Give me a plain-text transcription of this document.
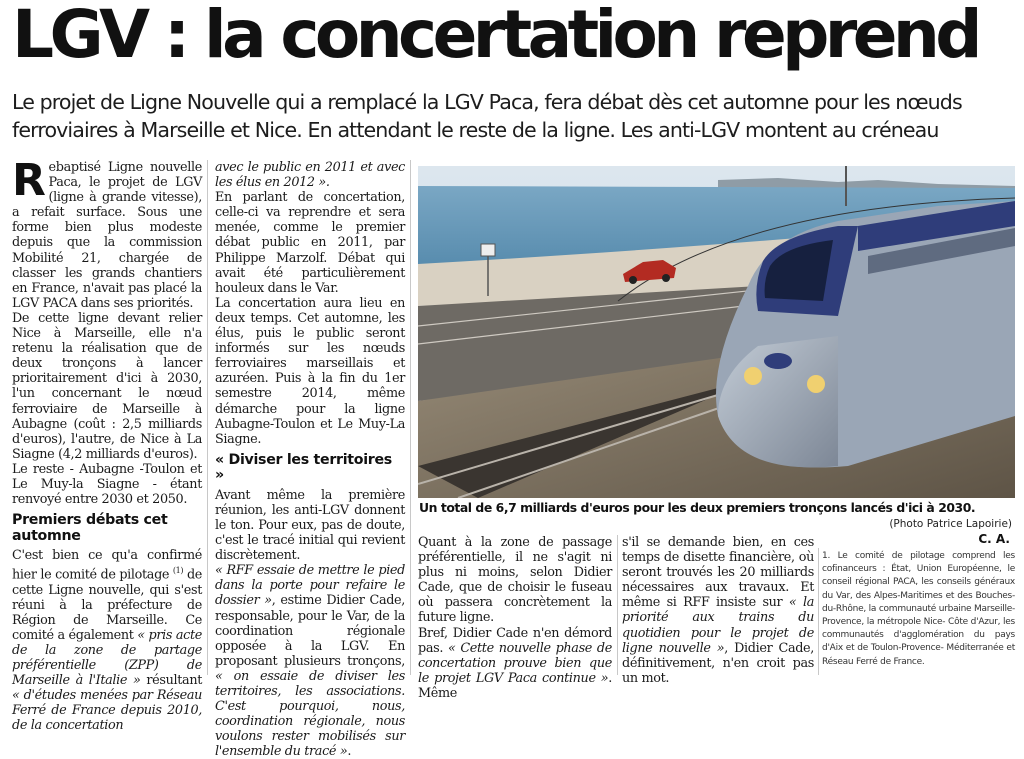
LGV : la concertation reprend

Le projet de Ligne Nouvelle qui a remplacé la LGV Paca, fera débat dès cet automne pour les nœuds ferroviaires à Marseille et Nice. En attendant le reste de la ligne. Les anti-LGV montent au créneau

Rebaptisé Ligne nouvelle Paca, le projet de LGV (ligne à grande vitesse), a refait surface. Sous une forme bien plus modeste depuis que la commission Mobilité 21, chargée de classer les grands chantiers en France, n'avait pas placé la LGV PACA dans ses priorités.

De cette ligne devant relier Nice à Marseille, elle n'a retenu la réalisation que de deux tronçons à lancer prioritairement d'ici à 2030, l'un concernant le nœud ferroviaire de Marseille à Aubagne (coût : 2,5 milliards d'euros), l'autre, de Nice à La Siagne (4,2 milliards d'euros).

Le reste - Aubagne -Toulon et Le Muy-la Siagne - étant renvoyé entre 2030 et 2050.

Premiers débats cet automne

C'est bien ce qu'a confirmé hier le comité de pilotage $^{(1)}$ de cette Ligne nouvelle, qui s'est réuni à la préfecture de Région de Marseille. Ce comité a également « pris acte de la zone de partage préférentielle (ZPP) de Marseille à l'Italie » résultant « d'études menées par Réseau Ferré de France depuis 2010, de la concertation

avec le public en 2011 et avec les élus en 2012 ».

En parlant de concertation, celle-ci va reprendre et sera menée, comme le premier débat public en 2011, par Philippe Marzolf. Débat qui avait été particulièrement houleux dans le Var.

La concertation aura lieu en deux temps. Cet automne, les élus, puis le public seront informés sur les nœuds ferroviaires marseillais et azuréen. Puis à la fin du 1er semestre 2014, même démarche pour la ligne Aubagne-Toulon et Le Muy-La Siagne.

« Diviser les territoires »

Avant même la première réunion, les anti-LGV donnent le ton. Pour eux, pas de doute, c'est le tracé initial qui revient discrètement.

« RFF essaie de mettre le pied dans la porte pour refaire le dossier », estime Didier Cade, responsable, pour le Var, de la coordination régionale opposée à la LGV. En proposant plusieurs tronçons, « on essaie de diviser les territoires, les associations. C'est pourquoi, nous, coordination régionale, nous voulons rester mobilisés sur l'ensemble du tracé ».

Un total de 6,7 milliards d'euros pour les deux premiers tronçons lancés d'ici à 2030.
(Photo Patrice Lapoirie)
C. A.

Quant à la zone de passage préférentielle, il ne s'agit ni plus ni moins, selon Didier Cade, que de choisir le fuseau où passera concrètement la future ligne.

Bref, Didier Cade n'en démord pas. « Cette nouvelle phase de concertation prouve bien que le projet LGV Paca continue ». Même

s'il se demande bien, en ces temps de disette financière, où seront trouvés les 20 milliards nécessaires aux travaux. Et même si RFF insiste sur « la priorité aux trains du quotidien pour le projet de ligne nouvelle », Didier Cade, définitivement, n'en croit pas un mot.

1. Le comité de pilotage comprend les cofinanceurs : État, Union Européenne, le conseil régional PACA, les conseils généraux du Var, des Alpes-Maritimes et des Bouches- du-Rhône, la communauté urbaine Marseille-Provence, la métropole Nice- Côte d'Azur, les communautés d'agglomération du pays d'Aix et de Toulon-Provence- Méditerranée et Réseau Ferré de France.
